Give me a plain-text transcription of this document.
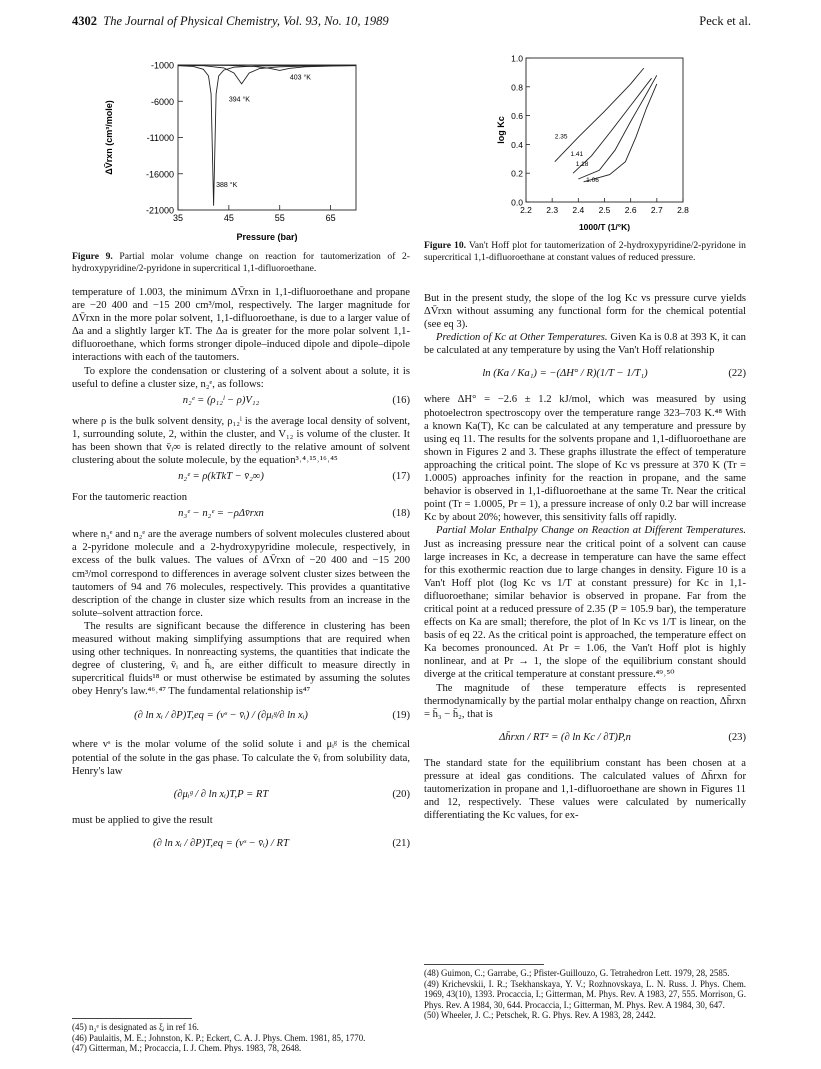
4302 The Journal of Physical Chemistry, Vol. 93, No. 10, 1989	Peck et al.
-1000
-6000
-11000
-16000
-21000
35	45	55	65
Pressure (bar)
ΔV̄rxn (cm³/mole)
403 °K
394 °K
388 °K
Figure 9. Partial molar volume change on reaction for tautomerization of 2-hydroxypyridine/2-pyridone in supercritical 1,1-difluoroethane.
0.0
0.2
0.4
0.6
0.8
1.0
2.2 2.3 2.4 2.5 2.6 2.7 2.8
1000/T (1/°K)
log Kc	2.35
1.41
1.18
1.06
Figure 10. Van't Hoff plot for tautomerization of 2-hydroxypyridine/2-pyridone in supercritical 1,1-difluoroethane at constant values of reduced pressure.

temperature of 1.003, the minimum ΔV̄rxn in 1,1-difluoroethane and propane are −20 400 and −15 200 cm³/mol, respectively. The larger magnitude for ΔV̄rxn in the more polar solvent, 1,1-difluoroethane, is due to a larger value of Δa and a slightly larger kT. The Δa is greater for the more polar solvent 1,1-difluoroethane, which forms stronger dipole–induced dipole and dipole–dipole interactions with each of the tautomers.

To explore the condensation or clustering of a solvent about a solute, it is useful to define a cluster size, n₂ᵉ, as follows:

n₂ᵉ = (ρ₁₂ˡ − ρ)V₁₂	(16)

where ρ is the bulk solvent density, ρ₁₂ˡ is the average local density of solvent, 1, surrounding solute, 2, within the cluster, and V₁₂ is volume of the cluster. It has been shown that v̄ᵢ∞ is related directly to the relative amount of solvent clustering about the solute molecule, by the equation³˒⁴˒¹⁵˒¹⁶˒⁴⁵

n₂ᵉ = ρ(kTkT − v̄₂∞)	(17)

For the tautomeric reaction

n₃ᵉ − n₂ᵉ = −ρΔv̄rxn	(18)

where n₃ᵉ and n₂ᵉ are the average numbers of solvent molecules clustered about a 2-pyridone molecule and a 2-hydroxypyridine molecule, respectively, in excess of the bulk values. The values of ΔV̄rxn of −20 400 and −15 200 cm³/mol correspond to differences in average solvent cluster sizes between the tautomers of 94 and 76 molecules, respectively. This provides a quantitative description of the change in cluster size which results from an increase in the solute–solvent attraction force.

The results are significant because the difference in clustering has been measured without making simplifying assumptions that are required when using other techniques. In nonreacting systems, the quantities that indicate the degree of clustering, v̄ᵢ and h̄ᵢ, are either difficult to measure directly in supercritical fluids¹⁸ or must otherwise be estimated by assuming the solutes obey Henry's law.⁴⁶˒⁴⁷ The fundamental relationship is⁴⁷

(∂ ln xᵢ / ∂P)T,eq = (vˢ − v̄ᵢ) / (∂μᵢᵍ/∂ ln xᵢ)	(19)

where vˢ is the molar volume of the solid solute i and μᵢᵍ is the chemical potential of the solute in the gas phase. To calculate the v̄ᵢ from solubility data, Henry's law

(∂μᵢᵍ / ∂ ln xᵢ)T,P = RT	(20)

must be applied to give the result

(∂ ln xᵢ / ∂P)T,eq = (vˢ − v̄ᵢ) / RT	(21)

(45) n₂ᵉ is designated as ξᵢ in ref 16.

(46) Paulaitis, M. E.; Johnston, K. P.; Eckert, C. A. J. Phys. Chem. 1981, 85, 1770.

(47) Gitterman, M.; Procaccia, I. J. Chem. Phys. 1983, 78, 2648.

But in the present study, the slope of the log Kc vs pressure curve yields ΔV̄rxn without assuming any functional form for the chemical potential (see eq 3).

Prediction of Kc at Other Temperatures. Given Ka is 0.8 at 393 K, it can be calculated at any temperature by using the Van't Hoff relationship

ln (Ka / Ka₁) = −(ΔH° / R)(1/T − 1/T₁)	(22)

where ΔH° = −2.6 ± 1.2 kJ/mol, which was measured by using photoelectron spectroscopy over the temperature range 323–703 K.⁴⁸ With a known Ka(T), Kc can be calculated at any temperature and pressure by using eq 11. The results for the solvents propane and 1,1-difluoroethane are shown in Figures 2 and 3. These graphs illustrate the effect of temperature approaching the critical point. The slope of Kc vs pressure at 370 K (Tr = 1.0005) approaches infinity for the reaction in propane, and the same behavior is observed in 1,1-difluoroethane at the same Tr. Near the critical point (Tr = 1.0005, Pr = 1), a pressure increase of only 0.2 bar will increase Kc by about 20%; however, this sensitivity falls off rapidly.

Partial Molar Enthalpy Change on Reaction at Different Temperatures. Just as increasing pressure near the critical point of a solvent can cause large increases in Kc, a decrease in temperature can have the same effect for this exothermic reaction due to large changes in density. Figure 10 is a Van't Hoff plot (log Kc vs 1/T at constant pressure) for Kc in 1,1-difluoroethane; similar behavior is observed in propane. Far from the critical point at a reduced pressure of 2.35 (P = 105.9 bar), the temperature effects on Ka are small; therefore, the plot of ln Kc vs 1/T is linear, on the basis of eq 22. As the critical point is approached, the temperature effect on Ka becomes pronounced. At Pr = 1.06, the Van't Hoff plot is highly nonlinear, and at Pr → 1, the slope of the equilibrium constant should diverge at the critical temperature at constant pressure.⁴⁹˒⁵⁰

The magnitude of these temperature effects is represented thermodynamically by the partial molar enthalpy change on reaction, Δh̄rxn = h̄₃ − h̄₂, that is

Δh̄rxn / RT² = (∂ ln Kc / ∂T)P,n	(23)

The standard state for the equilibrium constant has been chosen at a pressure at ideal gas conditions. The calculated values of Δh̄rxn for tautomerization in propane and 1,1-difluoroethane are shown in Figures 11 and 12, respectively. These values were calculated by numerically differentiating the Kc values, for ex-

(48) Guimon, C.; Garrabe, G.; Pfister-Guillouzo, G. Tetrahedron Lett. 1979, 28, 2585.

(49) Krichevskii, I. R.; Tsekhanskaya, Y. V.; Rozhnovskaya, L. N. Russ. J. Phys. Chem. 1969, 43(10), 1393. Procaccia, I.; Gitterman, M. Phys. Rev. A 1983, 27, 555. Morrison, G. Phys. Rev. A 1984, 30, 644. Procaccia, I.; Gitterman, M. Phys. Rev. A 1984, 30, 647.

(50) Wheeler, J. C.; Petschek, R. G. Phys. Rev. A 1983, 28, 2442.
